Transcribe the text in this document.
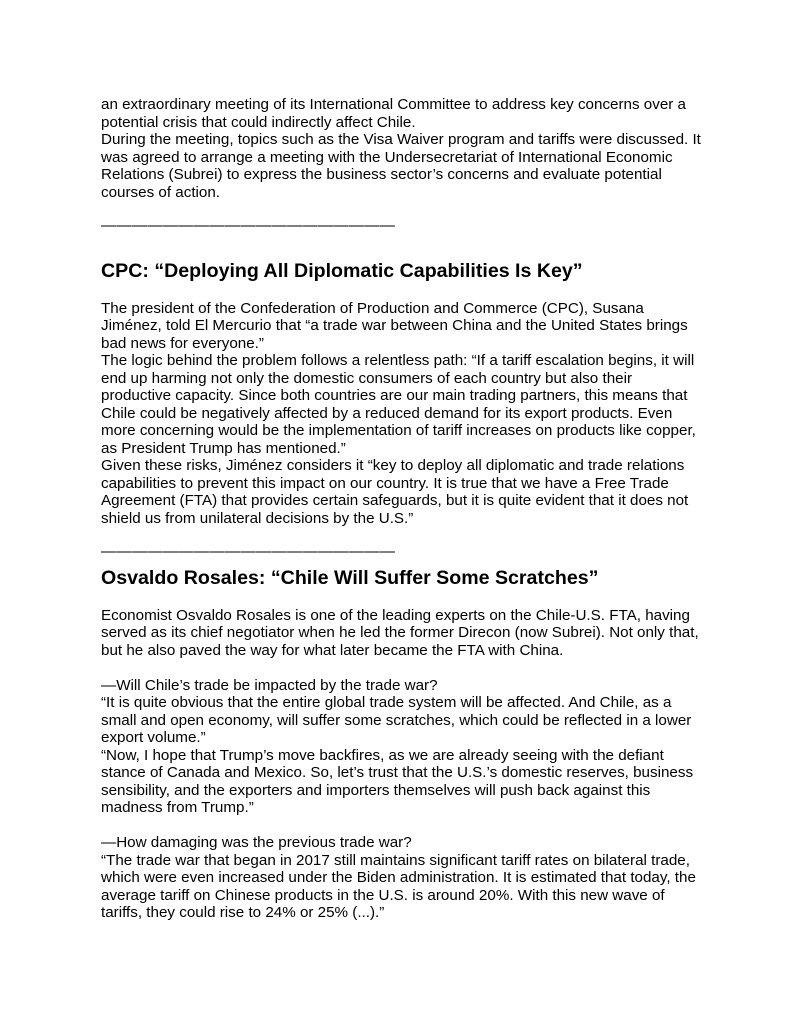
an extraordinary meeting of its International Committee to address key concerns over a potential crisis that could indirectly affect Chile.

During the meeting, topics such as the Visa Waiver program and tariffs were discussed. It was agreed to arrange a meeting with the Undersecretariat of International Economic Relations (Subrei) to express the business sector’s concerns and evaluate potential courses of action.

———————————————————

CPC: “Deploying All Diplomatic Capabilities Is Key”

The president of the Confederation of Production and Commerce (CPC), Susana Jiménez, told El Mercurio that “a trade war between China and the United States brings bad news for everyone.”

The logic behind the problem follows a relentless path: “If a tariff escalation begins, it will end up harming not only the domestic consumers of each country but also their productive capacity. Since both countries are our main trading partners, this means that Chile could be negatively affected by a reduced demand for its export products. Even more concerning would be the implementation of tariff increases on products like copper, as President Trump has mentioned.”

Given these risks, Jiménez considers it “key to deploy all diplomatic and trade relations capabilities to prevent this impact on our country. It is true that we have a Free Trade Agreement (FTA) that provides certain safeguards, but it is quite evident that it does not shield us from unilateral decisions by the U.S.”

———————————————————

Osvaldo Rosales: “Chile Will Suffer Some Scratches”

Economist Osvaldo Rosales is one of the leading experts on the Chile-U.S. FTA, having served as its chief negotiator when he led the former Direcon (now Subrei). Not only that, but he also paved the way for what later became the FTA with China.

—Will Chile’s trade be impacted by the trade war?

“It is quite obvious that the entire global trade system will be affected. And Chile, as a small and open economy, will suffer some scratches, which could be reflected in a lower export volume.”

“Now, I hope that Trump’s move backfires, as we are already seeing with the defiant stance of Canada and Mexico. So, let’s trust that the U.S.’s domestic reserves, business sensibility, and the exporters and importers themselves will push back against this madness from Trump.”

—How damaging was the previous trade war?

“The trade war that began in 2017 still maintains significant tariff rates on bilateral trade, which were even increased under the Biden administration. It is estimated that today, the average tariff on Chinese products in the U.S. is around 20%. With this new wave of tariffs, they could rise to 24% or 25% (...).”
